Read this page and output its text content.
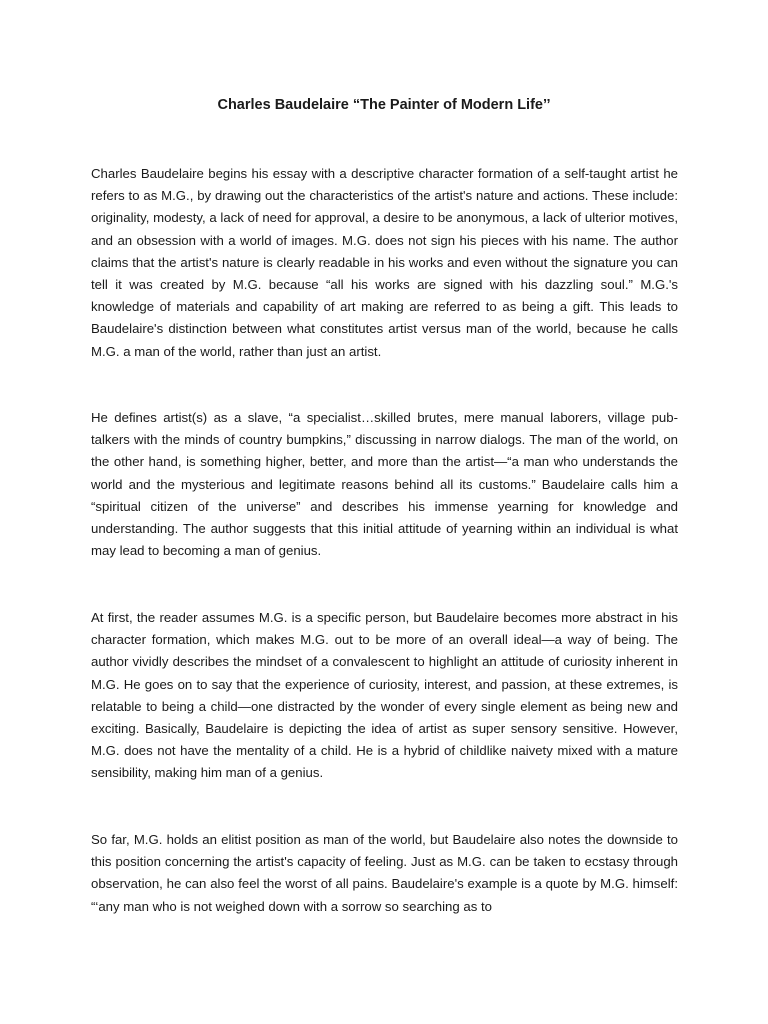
Charles Baudelaire “The Painter of Modern Life’’

Charles Baudelaire begins his essay with a descriptive character formation of a self-taught artist he refers to as M.G., by drawing out the characteristics of the artist's nature and actions. These include: originality, modesty, a lack of need for approval, a desire to be anonymous, a lack of ulterior motives, and an obsession with a world of images. M.G. does not sign his pieces with his name. The author claims that the artist's nature is clearly readable in his works and even without the signature you can tell it was created by M.G. because “all his works are signed with his dazzling soul.” M.G.'s knowledge of materials and capability of art making are referred to as being a gift. This leads to Baudelaire's distinction between what constitutes artist versus man of the world, because he calls M.G. a man of the world, rather than just an artist.

He defines artist(s) as a slave, “a specialist…skilled brutes, mere manual laborers, village pub-talkers with the minds of country bumpkins,” discussing in narrow dialogs. The man of the world, on the other hand, is something higher, better, and more than the artist—“a man who understands the world and the mysterious and legitimate reasons behind all its customs.” Baudelaire calls him a “spiritual citizen of the universe” and describes his immense yearning for knowledge and understanding. The author suggests that this initial attitude of yearning within an individual is what may lead to becoming a man of genius.

At first, the reader assumes M.G. is a specific person, but Baudelaire becomes more abstract in his character formation, which makes M.G. out to be more of an overall ideal—a way of being. The author vividly describes the mindset of a convalescent to highlight an attitude of curiosity inherent in M.G. He goes on to say that the experience of curiosity, interest, and passion, at these extremes, is relatable to being a child—one distracted by the wonder of every single element as being new and exciting. Basically, Baudelaire is depicting the idea of artist as super sensory sensitive. However, M.G. does not have the mentality of a child. He is a hybrid of childlike naivety mixed with a mature sensibility, making him man of a genius.

So far, M.G. holds an elitist position as man of the world, but Baudelaire also notes the downside to this position concerning the artist's capacity of feeling. Just as M.G. can be taken to ecstasy through observation, he can also feel the worst of all pains. Baudelaire's example is a quote by M.G. himself: “‘any man who is not weighed down with a sorrow so searching as to
